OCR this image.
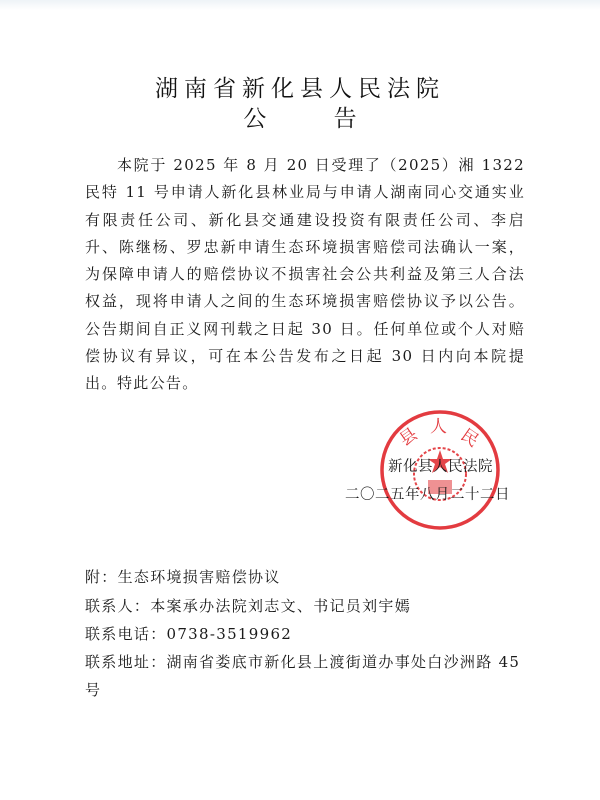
湖南省新化县人民法院
公 告

本院于 2025 年 8 月 20 日受理了（2025）湘 1322 民特 11 号申请人新化县林业局与申请人湖南同心交通实业有限责任公司、新化县交通建设投资有限责任公司、李启升、陈继杨、罗忠新申请生态环境损害赔偿司法确认一案，为保障申请人的赔偿协议不损害社会公共利益及第三人合法权益，现将申请人之间的生态环境损害赔偿协议予以公告。公告期间自正义网刊载之日起 30 日。任何单位或个人对赔偿协议有异议，可在本公告发布之日起 30 日内向本院提出。 特此公告。
县 人 民
新化县人民法院
二〇二五年八月二十二日
附：生态环境损害赔偿协议
联系人：本案承办法院刘志文、书记员刘宇嫣
联系电话：0738-3519962
联系地址：湖南省娄底市新化县上渡街道办事处白沙洲路 45
号
